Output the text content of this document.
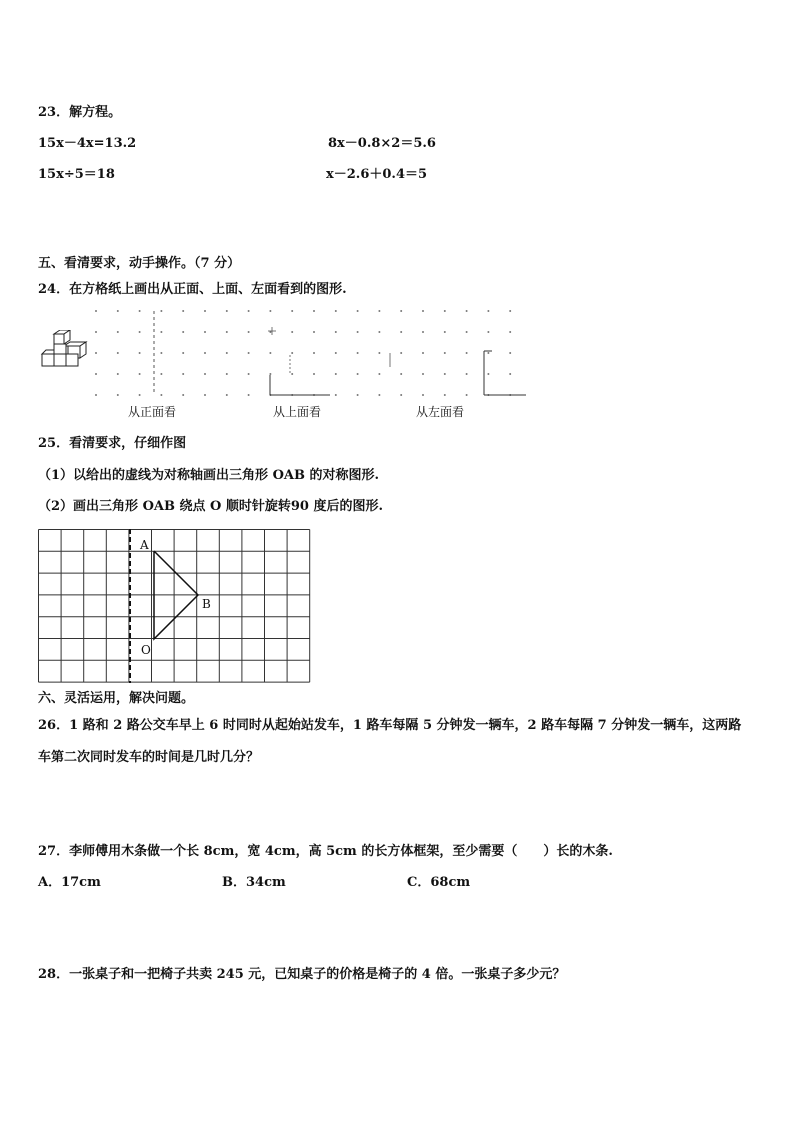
23．解方程。
15x－4x=13.2	8x－0.8×2＝5.6
15x÷5＝18	x－2.6＋0.4＝5
五、看清要求，动手操作。（7 分）
24．在方格纸上画出从正面、上面、左面看到的图形.
从正面看	从上面看	从左面看
25．看清要求，仔细作图
（1）以给出的虚线为对称轴画出三角形 OAB 的对称图形.
（2）画出三角形 OAB 绕点 O 顺时针旋转90 度后的图形.
A
B
O
六、灵活运用，解决问题。
26．1 路和 2 路公交车早上 6 时同时从起始站发车，1 路车每隔 5 分钟发一辆车，2 路车每隔 7 分钟发一辆车，这两路
车第二次同时发车的时间是几时几分？
27．李师傅用木条做一个长 8cm，宽 4cm，高 5cm 的长方体框架，至少需要（　　）长的木条.
A．17cm	B．34cm	C．68cm
28．一张桌子和一把椅子共卖 245 元，已知桌子的价格是椅子的 4 倍。一张桌子多少元？
